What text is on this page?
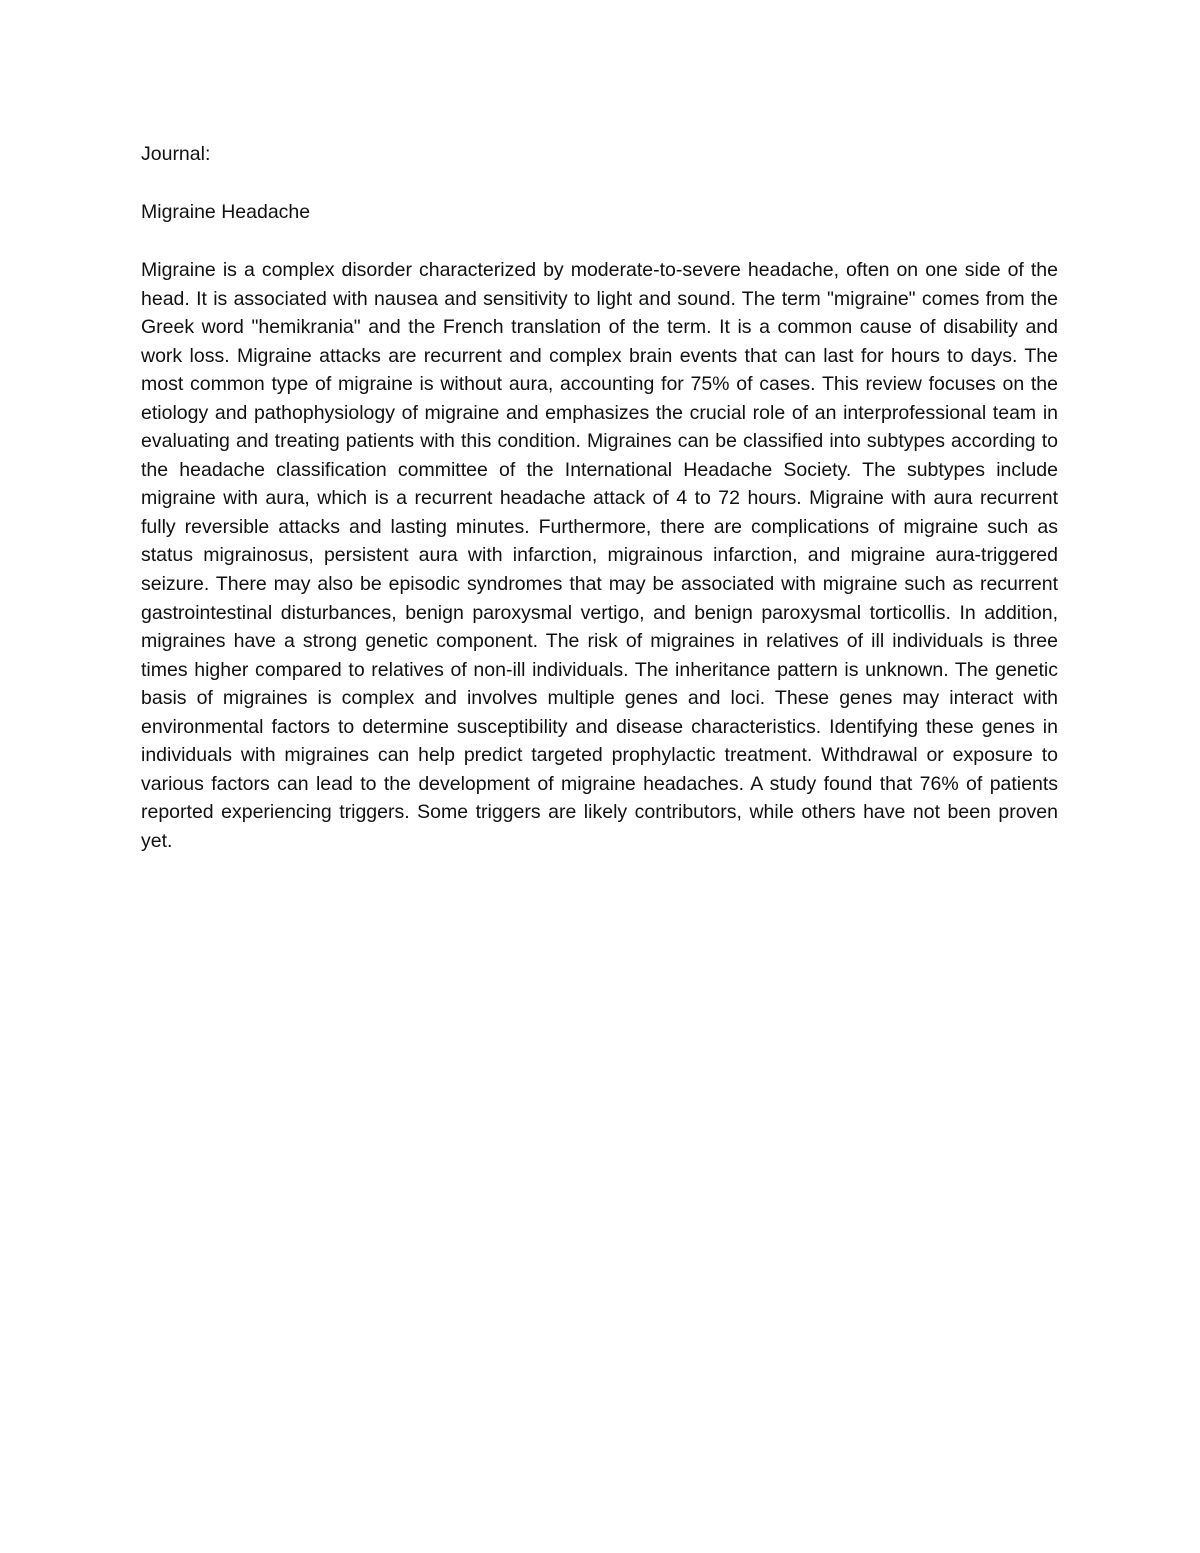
Journal:

Migraine Headache

Migraine is a complex disorder characterized by moderate-to-severe headache, often on one side of the head. It is associated with nausea and sensitivity to light and sound. The term "migraine" comes from the Greek word "hemikrania" and the French translation of the term. It is a common cause of disability and work loss. Migraine attacks are recurrent and complex brain events that can last for hours to days. The most common type of migraine is without aura, accounting for 75% of cases. This review focuses on the etiology and pathophysiology of migraine and emphasizes the crucial role of an interprofessional team in evaluating and treating patients with this condition. Migraines can be classified into subtypes according to the headache classification committee of the International Headache Society. The subtypes include migraine with aura, which is a recurrent headache attack of 4 to 72 hours. Migraine with aura recurrent fully reversible attacks and lasting minutes. Furthermore, there are complications of migraine such as status migrainosus, persistent aura with infarction, migrainous infarction, and migraine aura-triggered seizure. There may also be episodic syndromes that may be associated with migraine such as recurrent gastrointestinal disturbances, benign paroxysmal vertigo, and benign paroxysmal torticollis. In addition, migraines have a strong genetic component. The risk of migraines in relatives of ill individuals is three times higher compared to relatives of non-ill individuals. The inheritance pattern is unknown. The genetic basis of migraines is complex and involves multiple genes and loci. These genes may interact with environmental factors to determine susceptibility and disease characteristics. Identifying these genes in individuals with migraines can help predict targeted prophylactic treatment. Withdrawal or exposure to various factors can lead to the development of migraine headaches. A study found that 76% of patients reported experiencing triggers. Some triggers are likely contributors, while others have not been proven yet.
